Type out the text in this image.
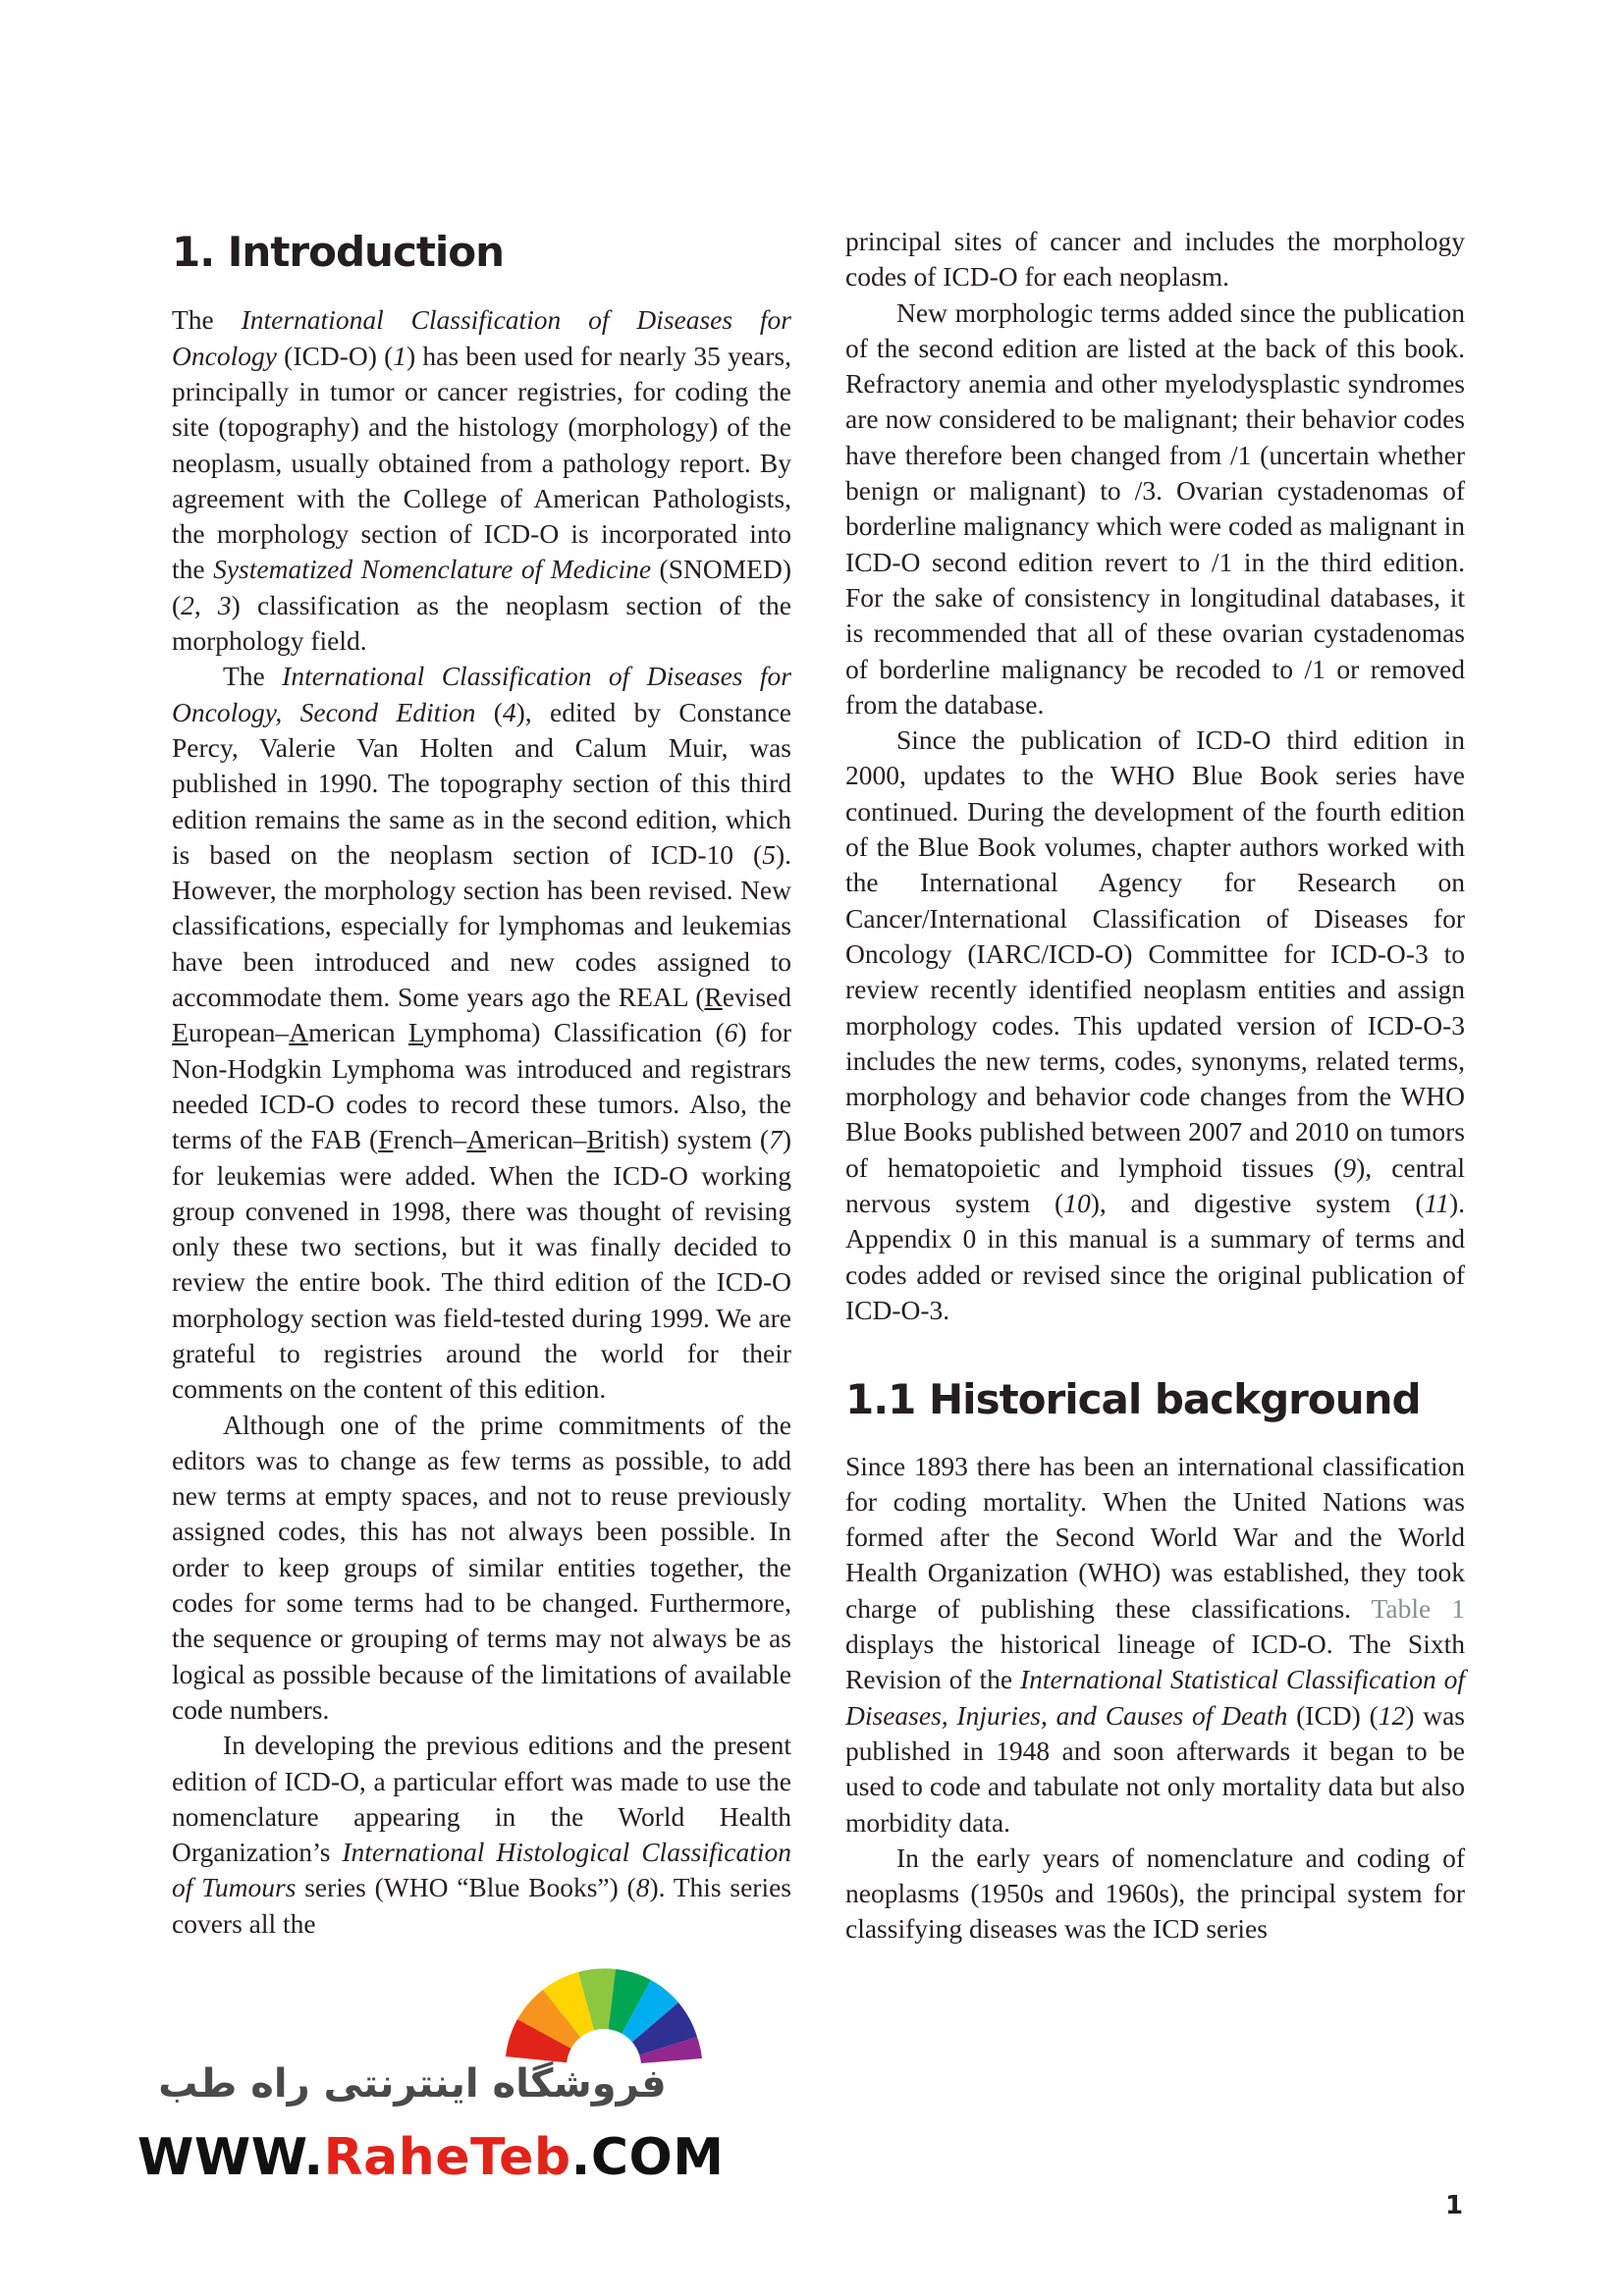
1. Introduction

The International Classification of Diseases for Oncology (ICD-O) (1) has been used for nearly 35 years, principally in tumor or cancer registries, for coding the site (topography) and the histology (morphology) of the neoplasm, usually obtained from a pathology report. By agreement with the College of American Pathologists, the morphology section of ICD-O is incorporated into the Systematized Nomenclature of Medicine (SNOMED) (2, 3) classification as the neoplasm section of the morphology field.

The International Classification of Diseases for Oncology, Second Edition (4), edited by Constance Percy, Valerie Van Holten and Calum Muir, was published in 1990. The topography section of this third edition remains the same as in the second edition, which is based on the neoplasm section of ICD-10 (5). However, the morphology section has been revised. New classifications, especially for lymphomas and leukemias have been introduced and new codes assigned to accommodate them. Some years ago the REAL (Revised European–American Lymphoma) Classification (6) for Non-Hodgkin Lymphoma was introduced and registrars needed ICD-O codes to record these tumors. Also, the terms of the FAB (French–American–British) system (7) for leukemias were added. When the ICD-O working group convened in 1998, there was thought of revising only these two sections, but it was finally decided to review the entire book. The third edition of the ICD-O morphology section was field-tested during 1999. We are grateful to registries around the world for their comments on the content of this edition.

Although one of the prime commitments of the editors was to change as few terms as possible, to add new terms at empty spaces, and not to reuse previously assigned codes, this has not always been possible. In order to keep groups of similar entities together, the codes for some terms had to be changed. Furthermore, the sequence or grouping of terms may not always be as logical as possible because of the limitations of available code numbers.

In developing the previous editions and the present edition of ICD-O, a particular effort was made to use the nomenclature appearing in the World Health Organization’s International Histological Classification of Tumours series (WHO “Blue Books”) (8). This series covers all the

principal sites of cancer and includes the morphology codes of ICD-O for each neoplasm.

New morphologic terms added since the publication of the second edition are listed at the back of this book. Refractory anemia and other myelodysplastic syndromes are now considered to be malignant; their behavior codes have therefore been changed from /1 (uncertain whether benign or malignant) to /3. Ovarian cystadenomas of borderline malignancy which were coded as malignant in ICD-O second edition revert to /1 in the third edition. For the sake of consistency in longitudinal databases, it is recommended that all of these ovarian cystadenomas of borderline malignancy be recoded to /1 or removed from the database.

Since the publication of ICD-O third edition in 2000, updates to the WHO Blue Book series have continued. During the development of the fourth edition of the Blue Book volumes, chapter authors worked with the International Agency for Research on Cancer/International Classification of Diseases for Oncology (IARC/ICD-O) Committee for ICD-O-3 to review recently identified neoplasm entities and assign morphology codes. This updated version of ICD-O-3 includes the new terms, codes, synonyms, related terms, morphology and behavior code changes from the WHO Blue Books published between 2007 and 2010 on tumors of hematopoietic and lymphoid tissues (9), central nervous system (10), and digestive system (11). Appendix 0 in this manual is a summary of terms and codes added or revised since the original publication of ICD-O-3.

1.1 Historical background

Since 1893 there has been an international classification for coding mortality. When the United Nations was formed after the Second World War and the World Health Organization (WHO) was established, they took charge of publishing these classifications. Table 1 displays the historical lineage of ICD-O. The Sixth Revision of the International Statistical Classification of Diseases, Injuries, and Causes of Death (ICD) (12) was published in 1948 and soon afterwards it began to be used to code and tabulate not only mortality data but also morbidity data.

In the early years of nomenclature and coding of neoplasms (1950s and 1960s), the principal system for classifying diseases was the ICD series

1
فروشگاه اینترنتی راه طب
WWW.RaheTeb.COM
